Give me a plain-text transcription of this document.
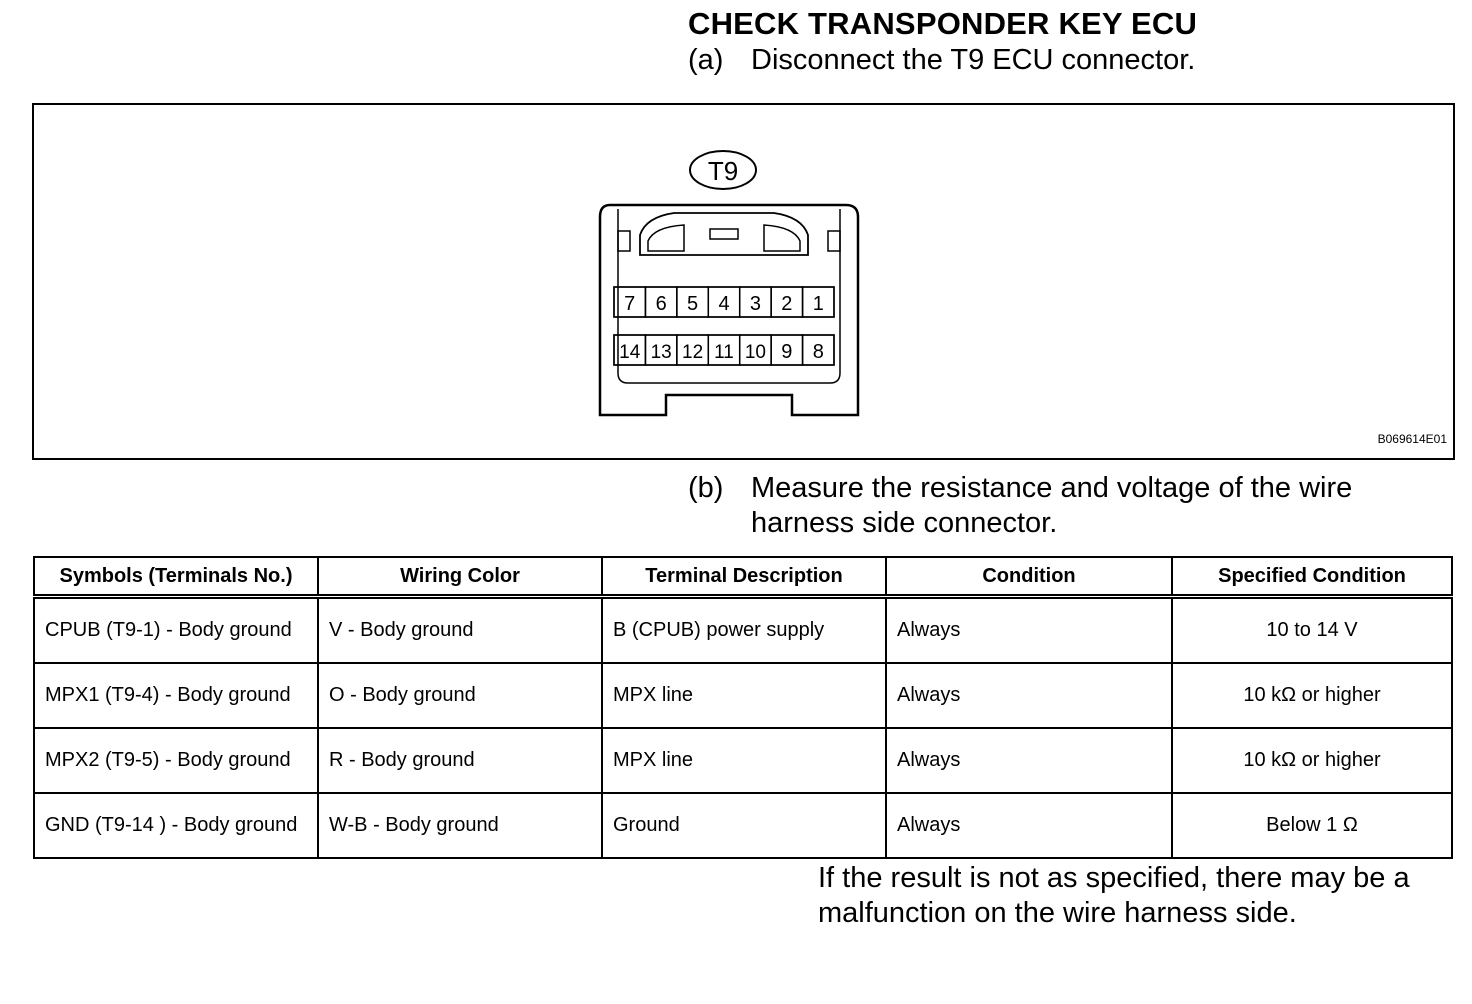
CHECK TRANSPONDER KEY ECU
(a) Disconnect the T9 ECU connector.
T9
7 6 5 4 3 2 1
14 13 12 11 10 9 8
B069614E01
(b) Measure the resistance and voltage of the wire
harness side connector.
Symbols (Terminals No.)	Wiring Color	Terminal Description	Condition	Specified Condition
CPUB (T9-1) - Body ground	V - Body ground	B (CPUB) power supply	Always	10 to 14 V
MPX1 (T9-4) - Body ground	O - Body ground	MPX line	Always	10 kΩ or higher
MPX2 (T9-5) - Body ground	R - Body ground	MPX line	Always	10 kΩ or higher
GND (T9-14 ) - Body ground	W-B - Body ground	Ground	Always	Below 1 Ω
If the result is not as specified, there may be a malfunction on the wire harness side.
